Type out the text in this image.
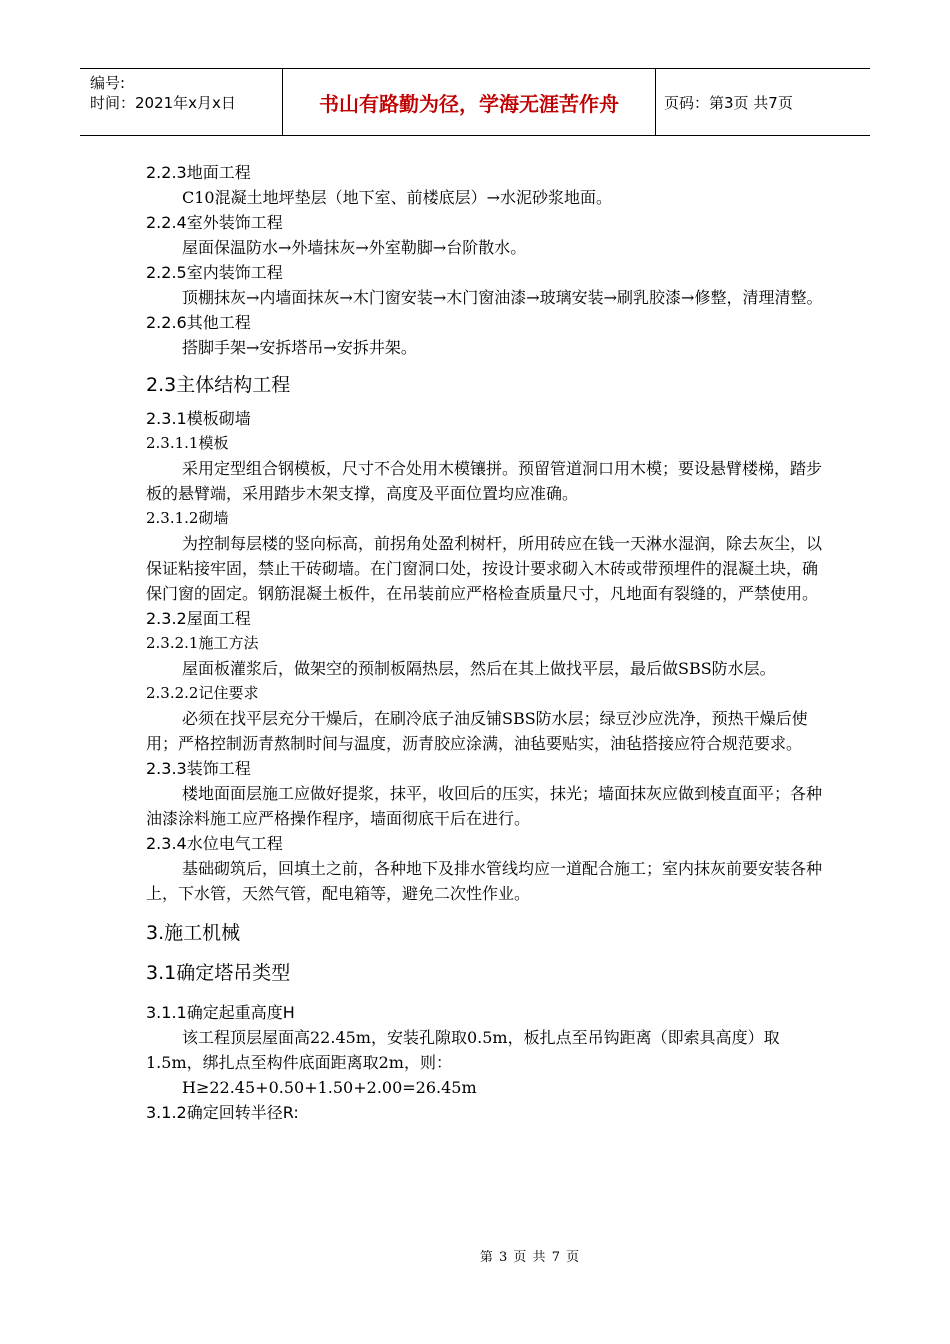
编号:
时间：2021年x月x日	书山有路勤为径，学海无涯苦作舟	页码：第3页 共7页
2.2.3地面工程
C10混凝土地坪垫层（地下室、前楼底层）→水泥砂浆地面。
2.2.4室外装饰工程
屋面保温防水→外墙抹灰→外室勒脚→台阶散水。
2.2.5室内装饰工程
顶棚抹灰→内墙面抹灰→木门窗安装→木门窗油漆→玻璃安装→刷乳胶漆→修整，清理清整。
2.2.6其他工程
搭脚手架→安拆塔吊→安拆井架。
2.3主体结构工程
2.3.1模板砌墙
2.3.1.1模板
采用定型组合钢模板，尺寸不合处用木模镶拼。预留管道洞口用木模；要设悬臂楼梯，踏步板的悬臂端，采用踏步木架支撑，高度及平面位置均应准确。
2.3.1.2砌墙
为控制每层楼的竖向标高，前拐角处盈利树杆，所用砖应在钱一天淋水湿润，除去灰尘，以保证粘接牢固，禁止干砖砌墙。在门窗洞口处，按设计要求砌入木砖或带预埋件的混凝土块，确保门窗的固定。钢筋混凝土板件，在吊装前应严格检查质量尺寸，凡地面有裂缝的，严禁使用。
2.3.2屋面工程
2.3.2.1施工方法
屋面板灌浆后，做架空的预制板隔热层，然后在其上做找平层，最后做SBS防水层。
2.3.2.2记住要求
必须在找平层充分干燥后，在刷冷底子油反铺SBS防水层；绿豆沙应洗净，预热干燥后使用；严格控制沥青熬制时间与温度，沥青胶应涂满，油毡要贴实，油毡搭接应符合规范要求。
2.3.3装饰工程
楼地面面层施工应做好提浆，抹平，收回后的压实，抹光；墙面抹灰应做到棱直面平；各种油漆涂料施工应严格操作程序，墙面彻底干后在进行。
2.3.4水位电气工程
基础砌筑后，回填土之前，各种地下及排水管线均应一道配合施工；室内抹灰前要安装各种上，下水管，天然气管，配电箱等，避免二次性作业。
3.施工机械
3.1确定塔吊类型
3.1.1确定起重高度H
该工程顶层屋面高22.45m，安装孔隙取0.5m，板扎点至吊钩距离（即索具高度）取1.5m，绑扎点至构件底面距离取2m，则：
H≥22.45+0.50+1.50+2.00=26.45m
3.1.2确定回转半径R:
第 3 页 共 7 页
